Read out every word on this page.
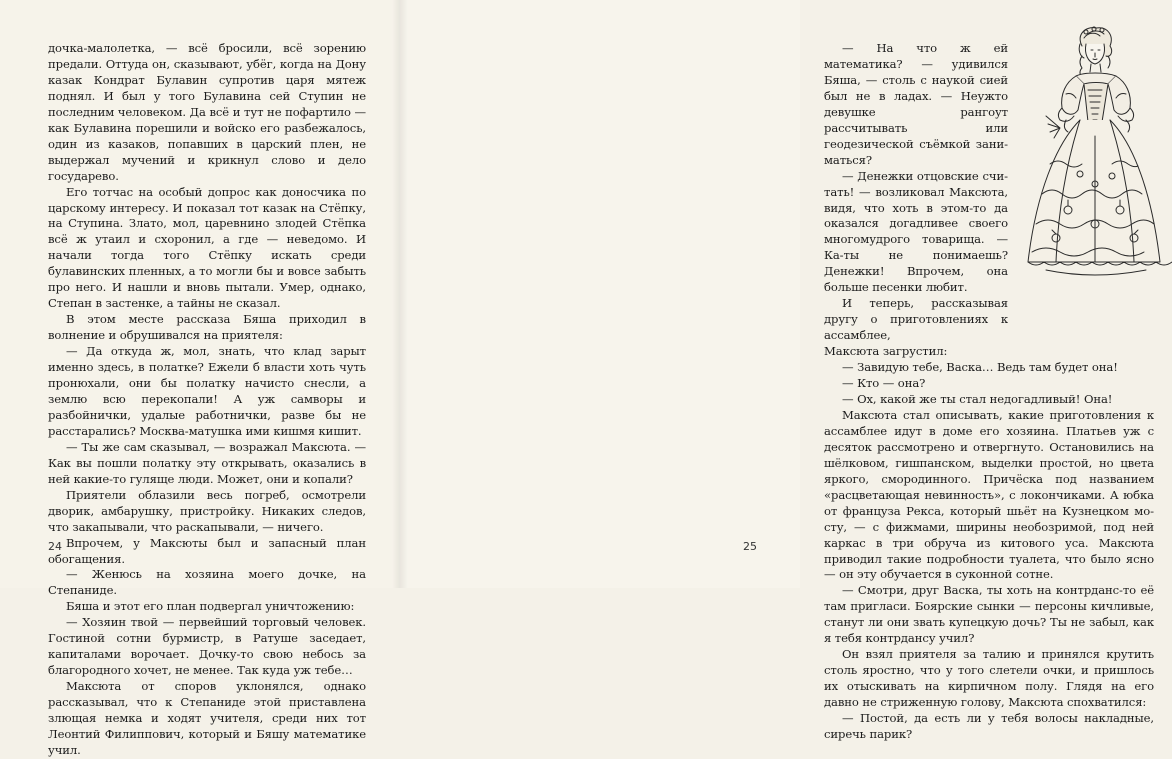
дочка-малолетка, — всё бросили, всё зорению предали. Оттуда он, сказывают, убёг, когда на Дону казак Кондрат Булавин супротив царя мятеж поднял. И был у того Булавина сей Ступин не последним человеком. Да всё и тут не пофартило — как Булавина порешили и войско его разбежалось, один из казаков, попавших в царский плен, не выдержал мучений и крикнул слово и дело государево.

Его тотчас на особый допрос как доносчика по царскому интересу. И показал тот казак на Стёпку, на Ступина. Злато, мол, царевнино злодей Стёпка всё ж утаил и схоронил, а где — неведомо. И начали тогда того Стёпку искать среди булавинских пленных, а то могли бы и вовсе забыть про него. И нашли и вновь пытали. Умер, однако, Степан в застенке, а тайны не сказал.

В этом месте рассказа Бяша приходил в волнение и обрушивался на приятеля:

— Да откуда ж, мол, знать, что клад зарыт именно здесь, в полатке? Ежели б власти хоть чуть пронюхали, они бы полатку начисто снесли, а землю всю перекопали! А уж самворы и разбойнички, удалые работнички, разве бы не расстарались? Москва-матушка ими кишмя кишит.

— Ты же сам сказывал, — возражал Максюта. — Как вы пошли полатку эту открывать, оказались в ней какие-то гуляще люди. Может, они и копали?

Приятели облазили весь погреб, осмотрели дворик, амбарушку, пристройку. Никаких следов, что закапывали, что раскапывали, — ничего.

Впрочем, у Максюты был и запасный план обогащения.

— Женюсь на хозяина моего дочке, на Степаниде.

Бяша и этот его план подвергал уничтожению:

— Хозяин твой — первейший торговый человек. Гостиной сотни бурмистр, в Ратуше заседает, капиталами ворочает. Дочку-то свою небось за благородного хочет, не менее. Так куда уж тебе…

Максюта от споров уклонялся, однако рассказывал, что к Степаниде этой приставлена злющая немка и ходят учителя, среди них тот Леонтий Филиппович, который и Бяшу математике учил.

24

— На что ж ей математика? — удивился Бяша, — столь с наукой сией был не в ладах. — Неужто девушке рангоут рассчитывать или геодезической съёмкой заниматься?

— Денежки отцовские считать! — возликовал Максюта, видя, что хоть в этом-то да оказался догадливее своего многомудрого товарища. — Ка-ты не понимаешь? Денежки! Впрочем, она больше песенки любит.

И теперь, рассказывая другу о приготовлениях к ассамблее,

Максюта загрустил:

— Завидую тебе, Васка… Ведь там будет она!

— Кто — она?

— Ох, какой же ты стал недогадливый! Она!

Максюта стал описывать, какие приготовления к ассамблее идут в доме его хозяина. Платьев уж с десяток рассмотрено и отвергнуто. Остановились на шёлковом, гишпанском, выделки простой, но цвета яркого, смородинного. Причёска под названием «расцветающая невинность», с локончиками. А юбка от француза Рекса, который шьёт на Кузнецком мосту, — с фижмами, ширины необозримой, под ней каркас в три обруча из китового уса. Максюта приводил такие подробности туалета, что было ясно — он эту обучается в суконной сотне.

— Смотри, друг Васка, ты хоть на контрданс-то её там пригласи. Боярские сынки — персоны кичливые, станут ли они звать купецкую дочь? Ты не забыл, как я тебя контрдансу учил?

Он взял приятеля за талию и принялся крутить столь яростно, что у того слетели очки, и пришлось их отыскивать на кирпичном полу. Глядя на его давно не стриженную голову, Максюта спохватился:

— Постой, да есть ли у тебя волосы накладные, сиречь парик?

25
